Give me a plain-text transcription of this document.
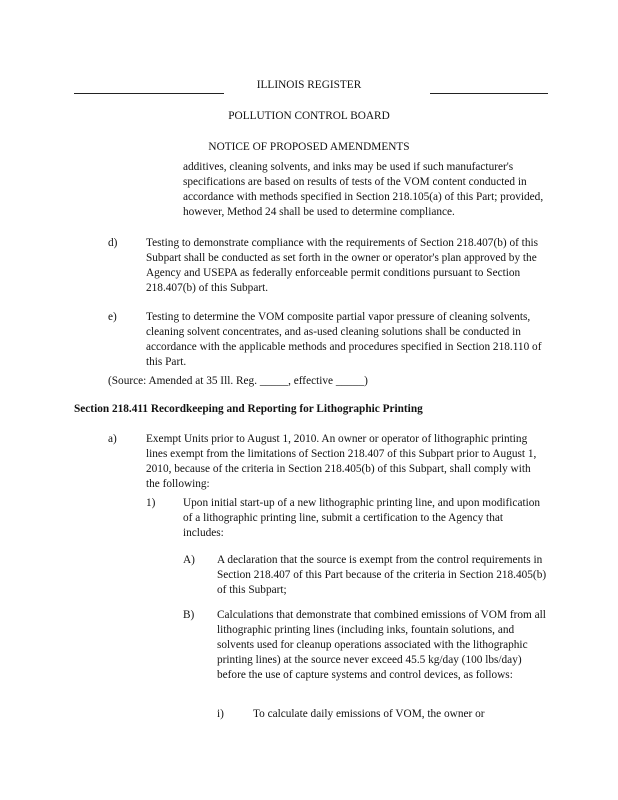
ILLINOIS REGISTER
POLLUTION CONTROL BOARD
NOTICE OF PROPOSED AMENDMENTS
additives, cleaning solvents, and inks may be used if such manufacturer's specifications are based on results of tests of the VOM content conducted in accordance with methods specified in Section 218.105(a) of this Part; provided, however, Method 24 shall be used to determine compliance.
d)	Testing to demonstrate compliance with the requirements of Section 218.407(b) of this Subpart shall be conducted as set forth in the owner or operator's plan approved by the Agency and USEPA as federally enforceable permit conditions pursuant to Section 218.407(b) of this Subpart.
e)	Testing to determine the VOM composite partial vapor pressure of cleaning solvents, cleaning solvent concentrates, and as-used cleaning solutions shall be conducted in accordance with the applicable methods and procedures specified in Section 218.110 of this Part.
(Source: Amended at 35 Ill. Reg. _____, effective _____)
Section 218.411 Recordkeeping and Reporting for Lithographic Printing
a)	Exempt Units prior to August 1, 2010. An owner or operator of lithographic printing lines exempt from the limitations of Section 218.407 of this Subpart prior to August 1, 2010, because of the criteria in Section 218.405(b) of this Subpart, shall comply with the following:
1) Upon initial start-up of a new lithographic printing line, and upon modification of a lithographic printing line, submit a certification to the Agency that includes:
A) A declaration that the source is exempt from the control requirements in Section 218.407 of this Part because of the criteria in Section 218.405(b) of this Subpart;
B) Calculations that demonstrate that combined emissions of VOM from all lithographic printing lines (including inks, fountain solutions, and solvents used for cleanup operations associated with the lithographic printing lines) at the source never exceed 45.5 kg/day (100 lbs/day) before the use of capture systems and control devices, as follows:
i)	To calculate daily emissions of VOM, the owner or
